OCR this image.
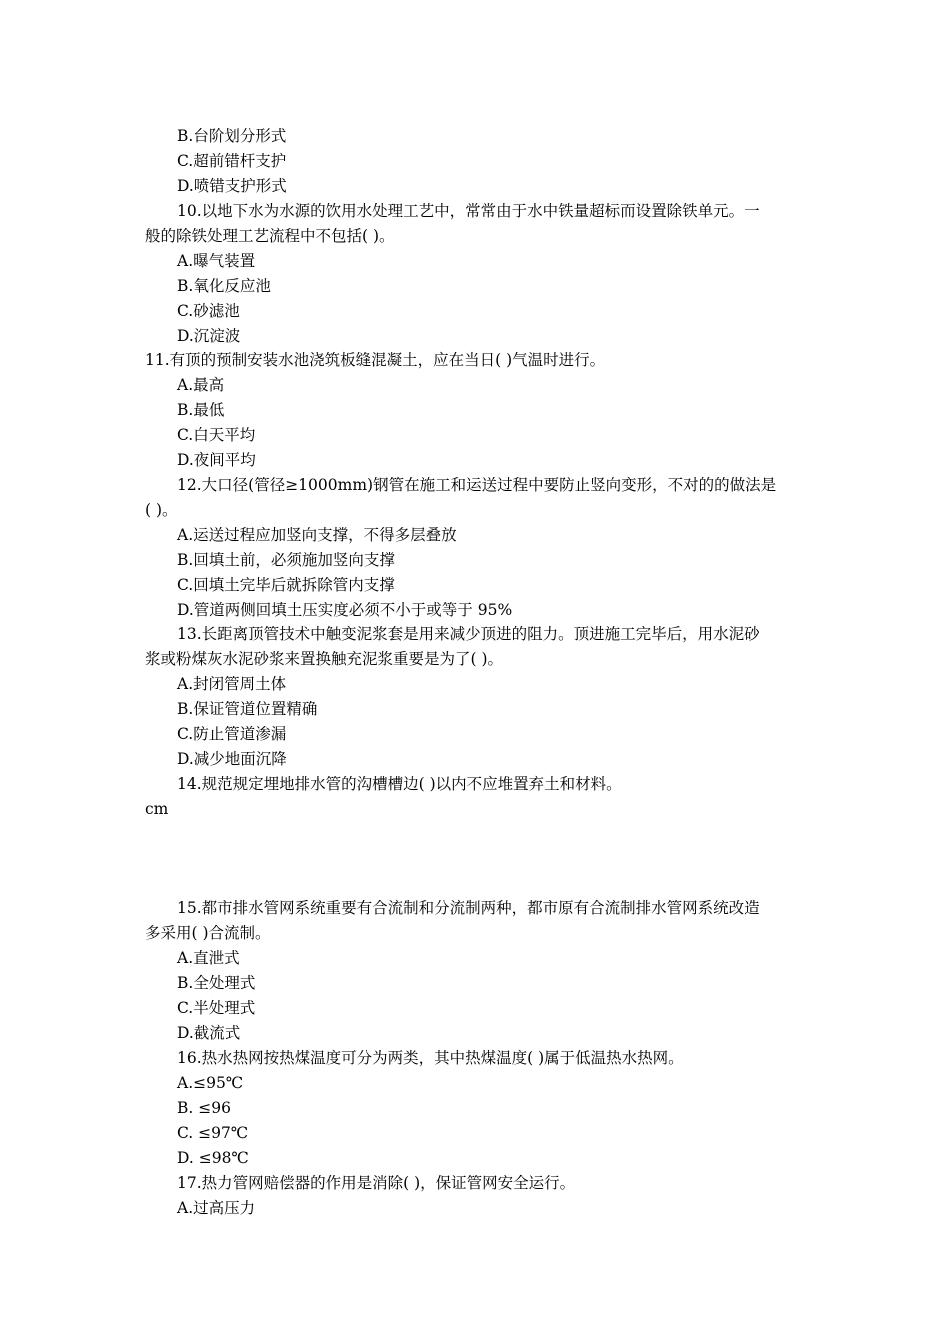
B.台阶划分形式
C.超前错杆支护
D.喷错支护形式
10.以地下水为水源的饮用水处理工艺中，常常由于水中铁量超标而设置除铁单元。一
般的除铁处理工艺流程中不包括( )。
A.曝气装置
B.氧化反应池
C.砂滤池
D.沉淀波
11.有顶的预制安装水池浇筑板缝混凝土，应在当日( )气温时进行。
A.最高
B.最低
C.白天平均
D.夜间平均
12.大口径(管径≥1000mm)钢管在施工和运送过程中要防止竖向变形，不对的的做法是
( )。
A.运送过程应加竖向支撑，不得多层叠放
B.回填土前，必须施加竖向支撑
C.回填土完毕后就拆除管内支撑
D.管道两侧回填土压实度必须不小于或等于 95%
13.长距离顶管技术中触变泥浆套是用来减少顶进的阻力。顶进施工完毕后，用水泥砂
浆或粉煤灰水泥砂浆来置换触充泥浆重要是为了( )。
A.封闭管周土体
B.保证管道位置精确
C.防止管道渗漏
D.减少地面沉降
14.规范规定埋地排水管的沟槽槽边( )以内不应堆置弃土和材料。
cm
15.都市排水管网系统重要有合流制和分流制两种，都市原有合流制排水管网系统改造
多采用( )合流制。
A.直泄式
B.全处理式
C.半处理式
D.截流式
16.热水热网按热煤温度可分为两类，其中热煤温度( )属于低温热水热网。
A.≤95℃
B. ≤96
C. ≤97℃
D. ≤98℃
17.热力管网赔偿器的作用是消除( )，保证管网安全运行。
A.过高压力
